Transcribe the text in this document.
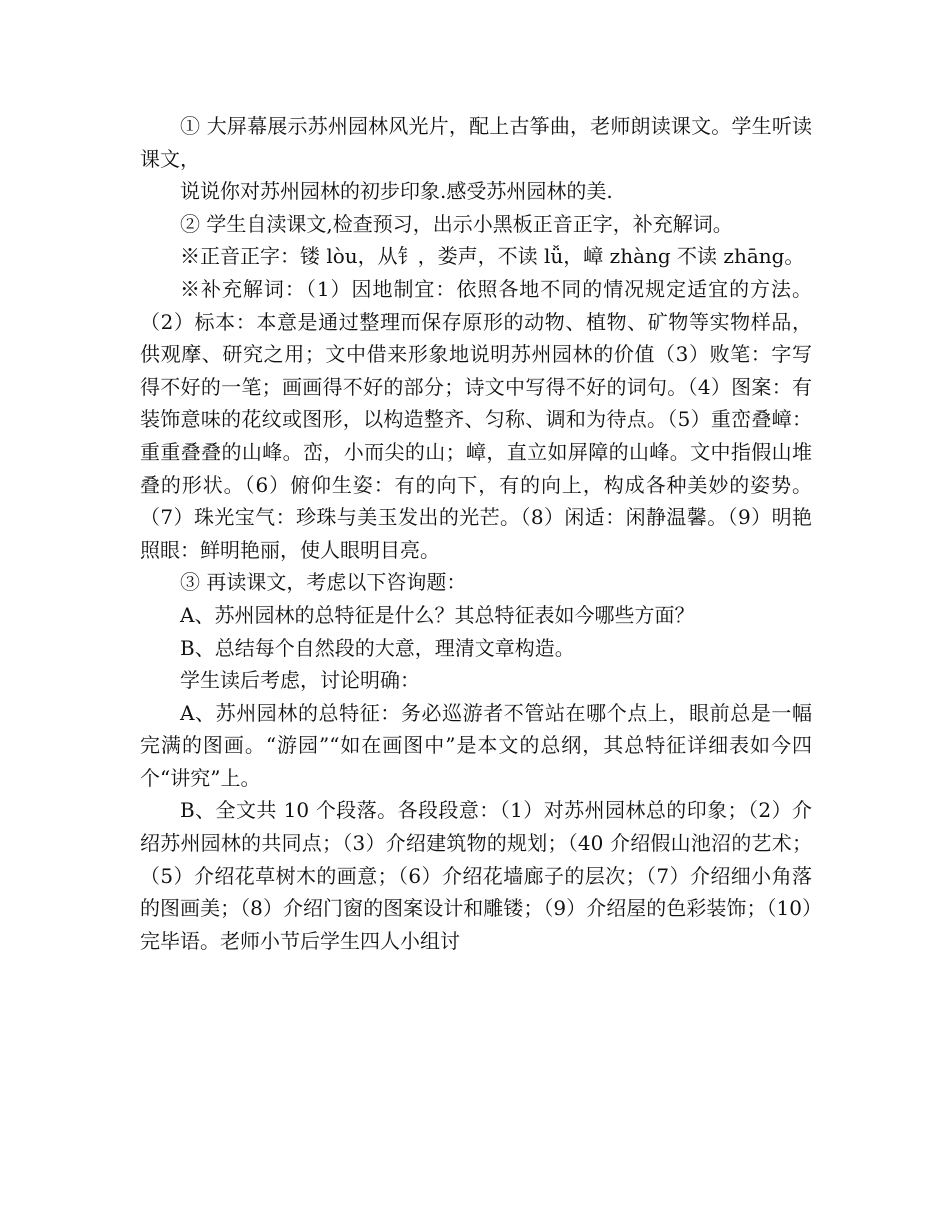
① 大屏幕展示苏州园林风光片，配上古筝曲，老师朗读课文。学生听读课文，

说说你对苏州园林的初步印象.感受苏州园林的美.

② 学生自渎课文,检查预习，出示小黑板正音正字，补充解词。

※正音正字：镂 lòu，从钅，娄声，不读 lǚ，嶂 zhàng 不读 zhāng。

※补充解词：（1）因地制宜：依照各地不同的情况规定适宜的方法。（2）标本：本意是通过整理而保存原形的动物、植物、矿物等实物样品，供观摩、研究之用；文中借来形象地说明苏州园林的价值（3）败笔：字写得不好的一笔；画画得不好的部分；诗文中写得不好的词句。（4）图案：有装饰意味的花纹或图形，以构造整齐、匀称、调和为待点。（5）重峦叠嶂：重重叠叠的山峰。峦，小而尖的山；嶂，直立如屏障的山峰。文中指假山堆叠的形状。（6）俯仰生姿：有的向下，有的向上，构成各种美妙的姿势。（7）珠光宝气：珍珠与美玉发出的光芒。（8）闲适：闲静温馨。（9）明艳照眼：鲜明艳丽，使人眼明目亮。

③ 再读课文，考虑以下咨询题：

A、苏州园林的总特征是什么？其总特征表如今哪些方面？

B、总结每个自然段的大意，理清文章构造。

学生读后考虑，讨论明确：

A、苏州园林的总特征：务必巡游者不管站在哪个点上，眼前总是一幅完满的图画。“游园”“如在画图中”是本文的总纲，其总特征详细表如今四个“讲究”上。

B、全文共 10 个段落。各段段意：（1）对苏州园林总的印象；（2）介绍苏州园林的共同点；（3）介绍建筑物的规划；（40 介绍假山池沼的艺术；（5）介绍花草树木的画意；（6）介绍花墙廊子的层次；（7）介绍细小角落的图画美；（8）介绍门窗的图案设计和雕镂；（9）介绍屋的色彩装饰；（10）完毕语。老师小节后学生四人小组讨
